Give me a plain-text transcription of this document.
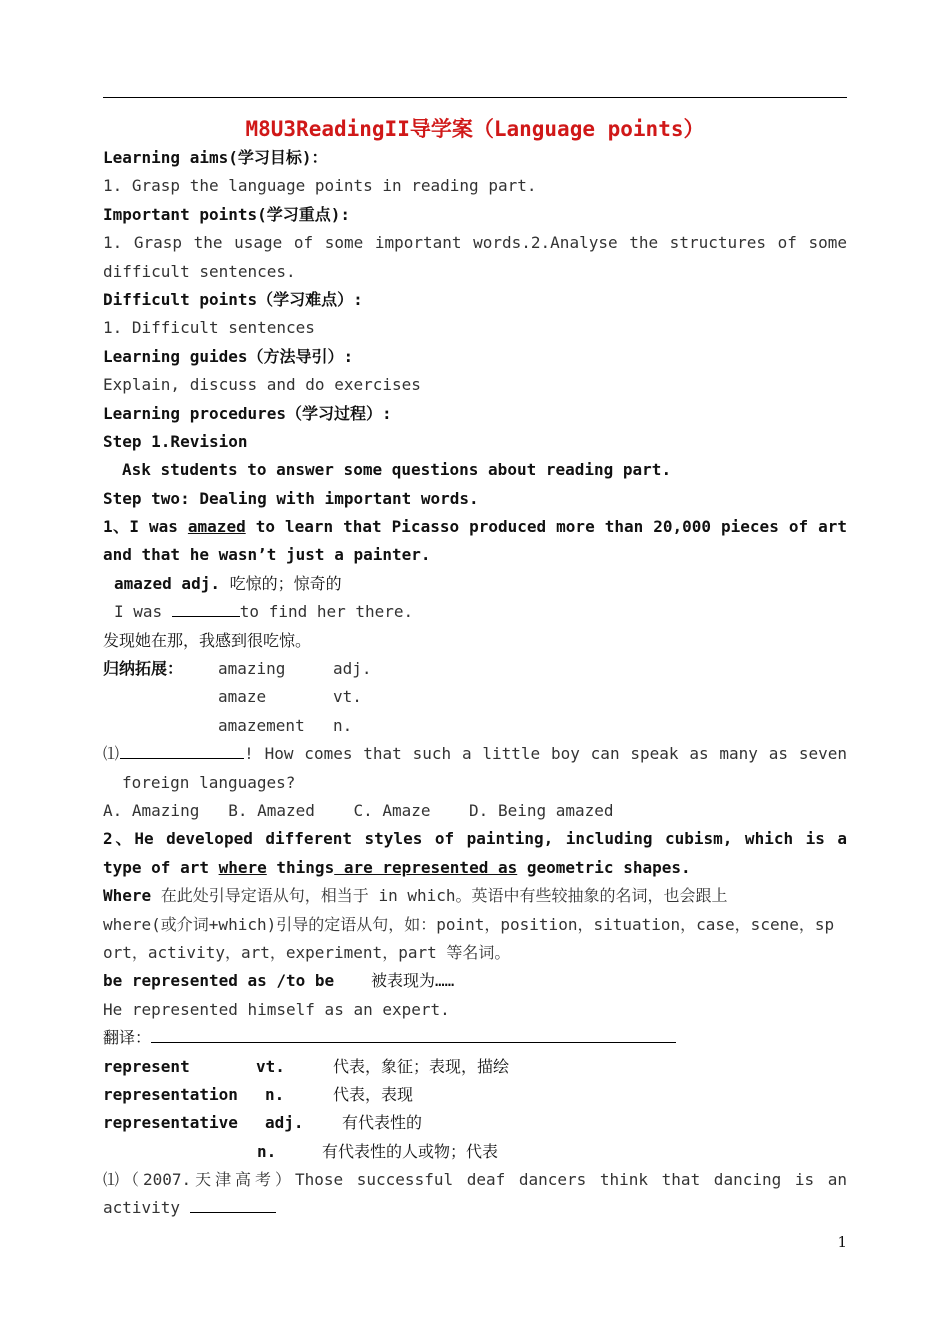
M8U3ReadingII导学案（Language points）
Learning aims(学习目标)：
1. Grasp the language points in reading part.
Important points(学习重点):
1. Grasp the usage of some important words.2.Analyse the structures of some
difficult sentences.
Difficult points（学习难点）:
1. Difficult sentences
Learning guides（方法导引）:
Explain, discuss and do exercises
Learning procedures（学习过程）:
Step 1.Revision
Ask students to answer some questions about reading part.
Step two: Dealing with important words.
1、I was amazed to learn that Picasso produced more than 20,000 pieces of art
and that he wasn’t just a painter.
amazed adj. 吃惊的；惊奇的
I was	to find her there.
发现她在那，我感到很吃惊。
归纳拓展： amazing	adj.
amaze	vt.
amazement n.
⑴	! How comes that such a little boy can speak as many as seven
foreign languages?
A. Amazing   B. Amazed    C. Amaze    D. Being amazed
2、He developed different styles of painting, including cubism, which is a
type of art where things are represented as geometric shapes.
Where 在此处引导定语从句，相当于 in which。英语中有些较抽象的名词，也会跟上
where(或介词+which)引导的定语从句，如：point，position，situation，case，scene，sp
ort，activity，art，experiment，part 等名词。
be represented as /to be 被表现为……
He represented himself as an expert.
翻译：
represent	vt.	代表，象征；表现，描绘
representation n.	代表，表现
representative adj. 有代表性的
n.	有代表性的人或物；代表
⑴（2007.天津高考）Those successful deaf dancers think that dancing is an
activity
1
